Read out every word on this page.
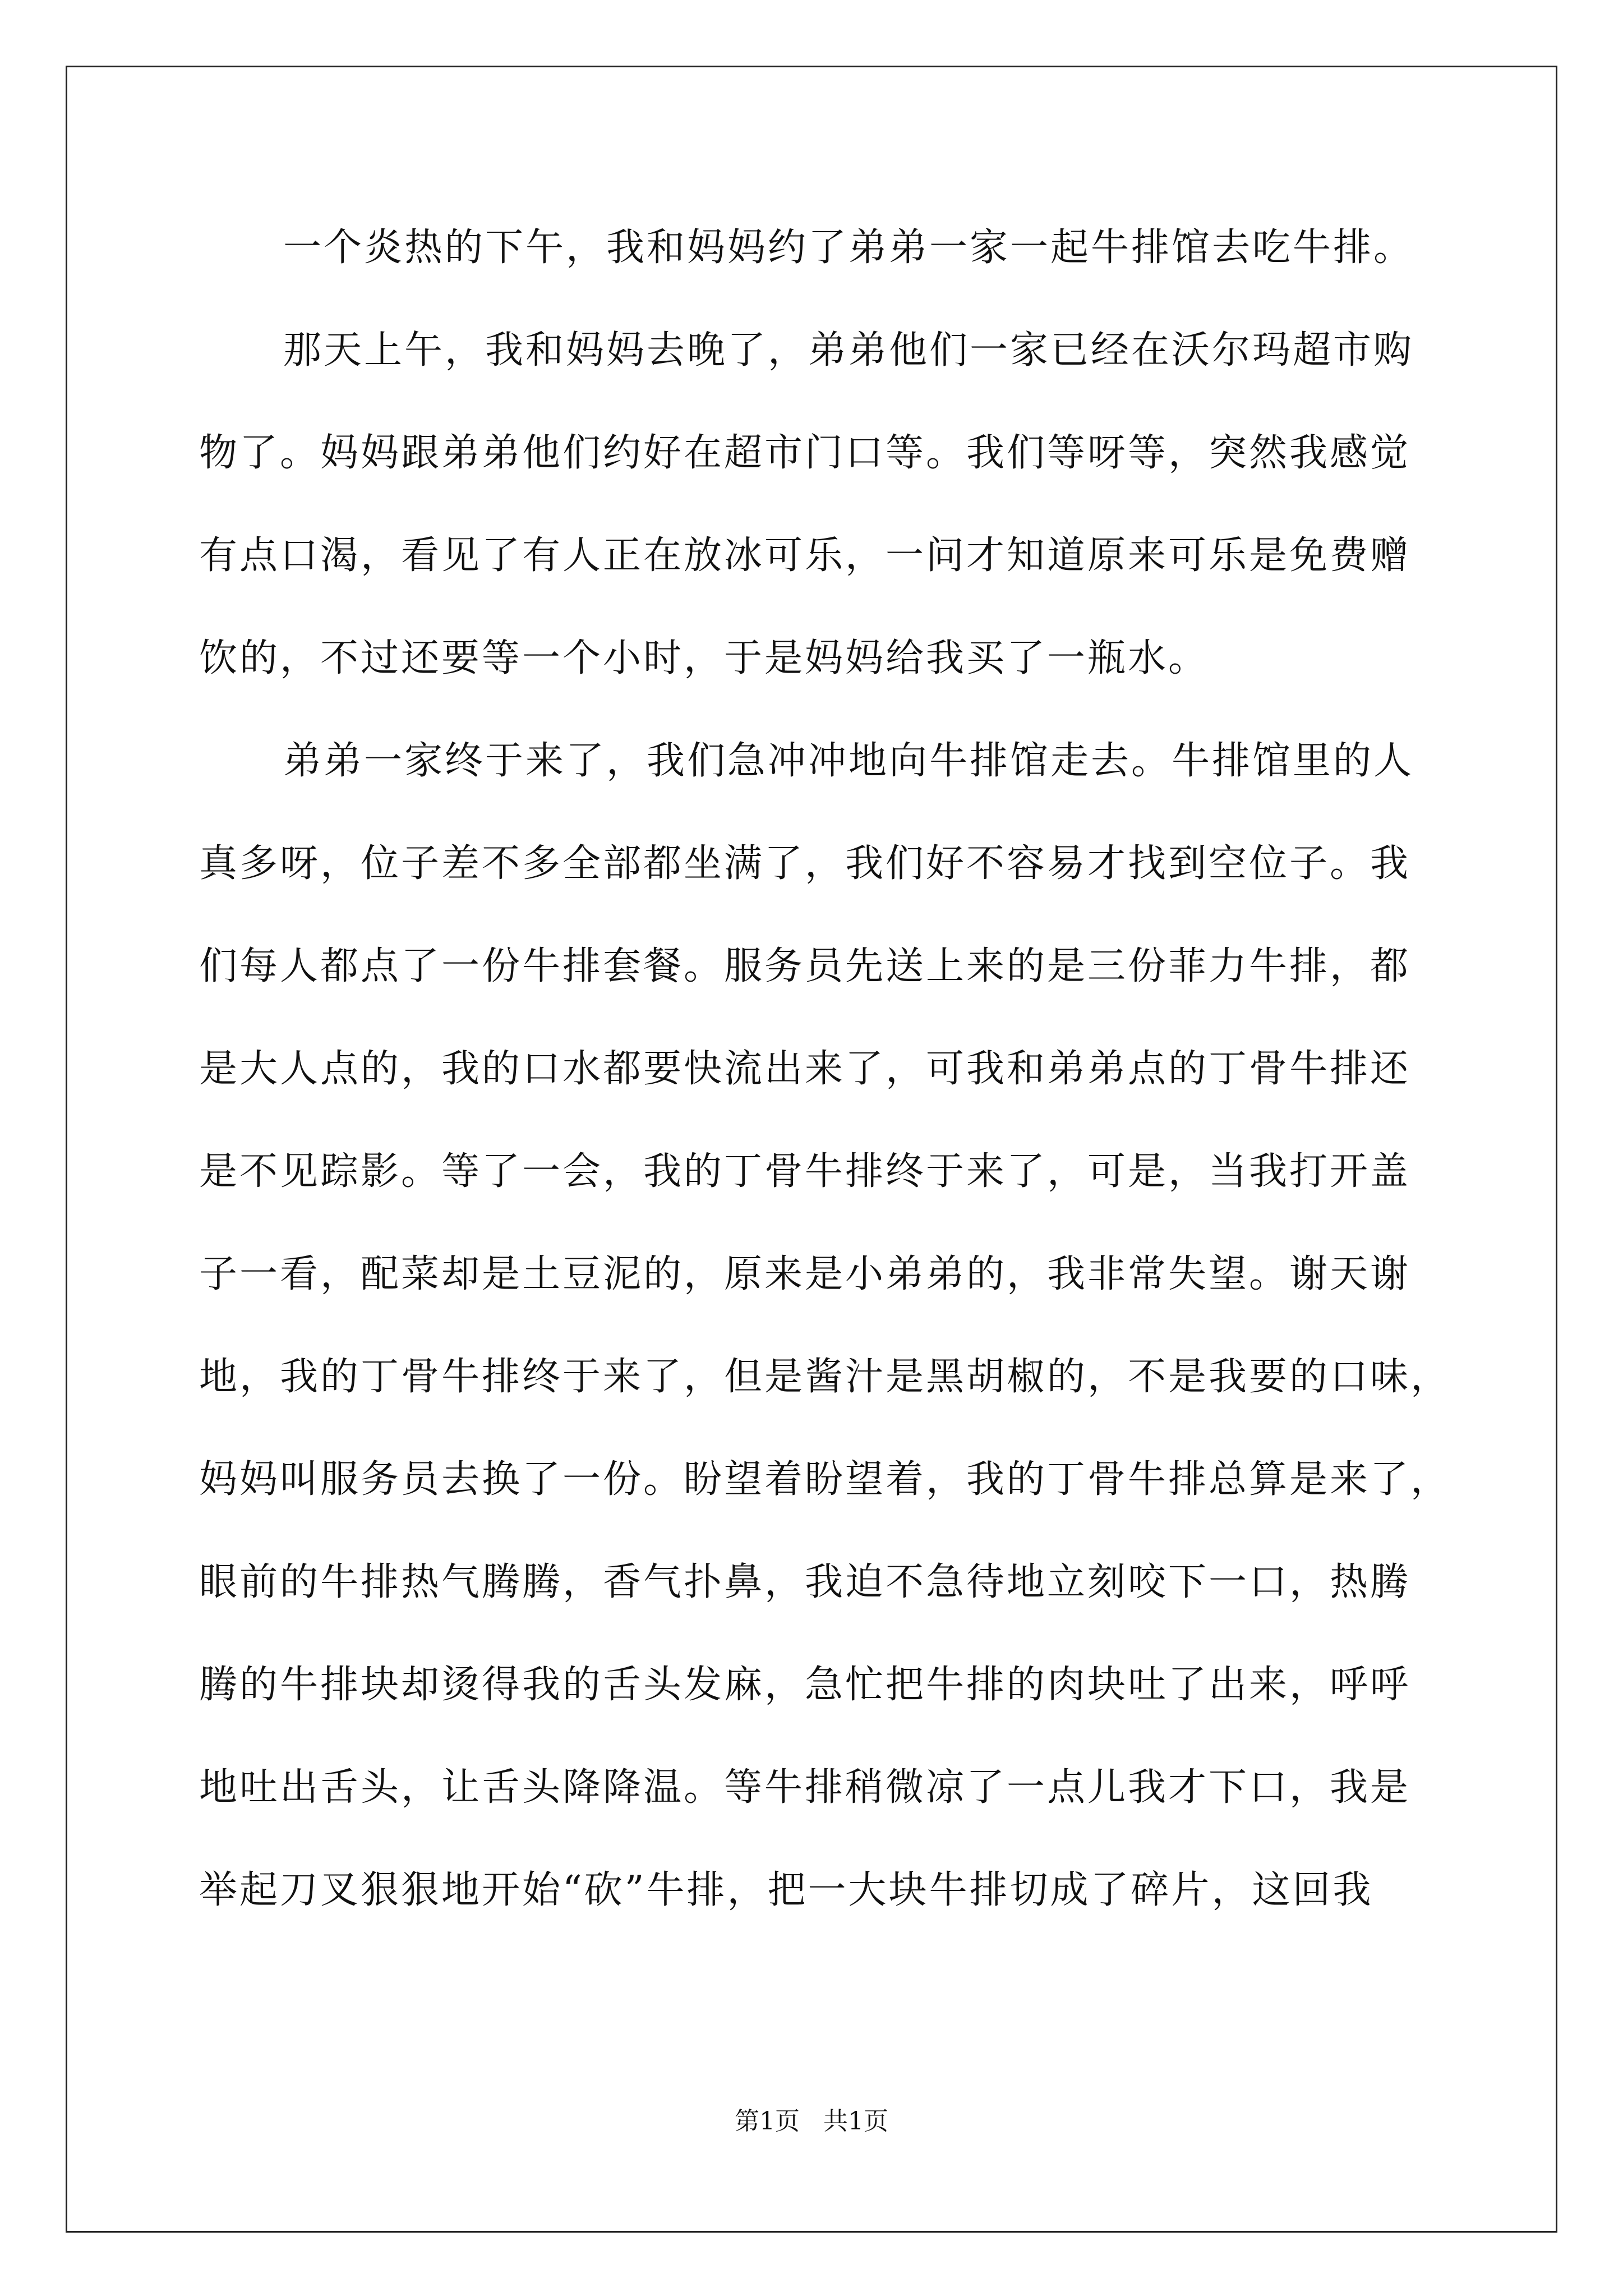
一个炎热的下午，我和妈妈约了弟弟一家一起牛排馆去吃牛排。
那天上午，我和妈妈去晚了，弟弟他们一家已经在沃尔玛超市购
物了。妈妈跟弟弟他们约好在超市门口等。我们等呀等，突然我感觉
有点口渴，看见了有人正在放冰可乐，一问才知道原来可乐是免费赠
饮的，不过还要等一个小时，于是妈妈给我买了一瓶水。
弟弟一家终于来了，我们急冲冲地向牛排馆走去。牛排馆里的人
真多呀，位子差不多全部都坐满了，我们好不容易才找到空位子。我
们每人都点了一份牛排套餐。服务员先送上来的是三份菲力牛排，都
是大人点的，我的口水都要快流出来了，可我和弟弟点的丁骨牛排还
是不见踪影。等了一会，我的丁骨牛排终于来了，可是，当我打开盖
子一看，配菜却是土豆泥的，原来是小弟弟的，我非常失望。谢天谢
地，我的丁骨牛排终于来了，但是酱汁是黑胡椒的，不是我要的口味，
妈妈叫服务员去换了一份。盼望着盼望着，我的丁骨牛排总算是来了，
眼前的牛排热气腾腾，香气扑鼻，我迫不急待地立刻咬下一口，热腾
腾的牛排块却烫得我的舌头发麻，急忙把牛排的肉块吐了出来，呼呼
地吐出舌头，让舌头降降温。等牛排稍微凉了一点儿我才下口，我是
举起刀叉狠狠地开始“砍”牛排，把一大块牛排切成了碎片，这回我
第1页   共1页
